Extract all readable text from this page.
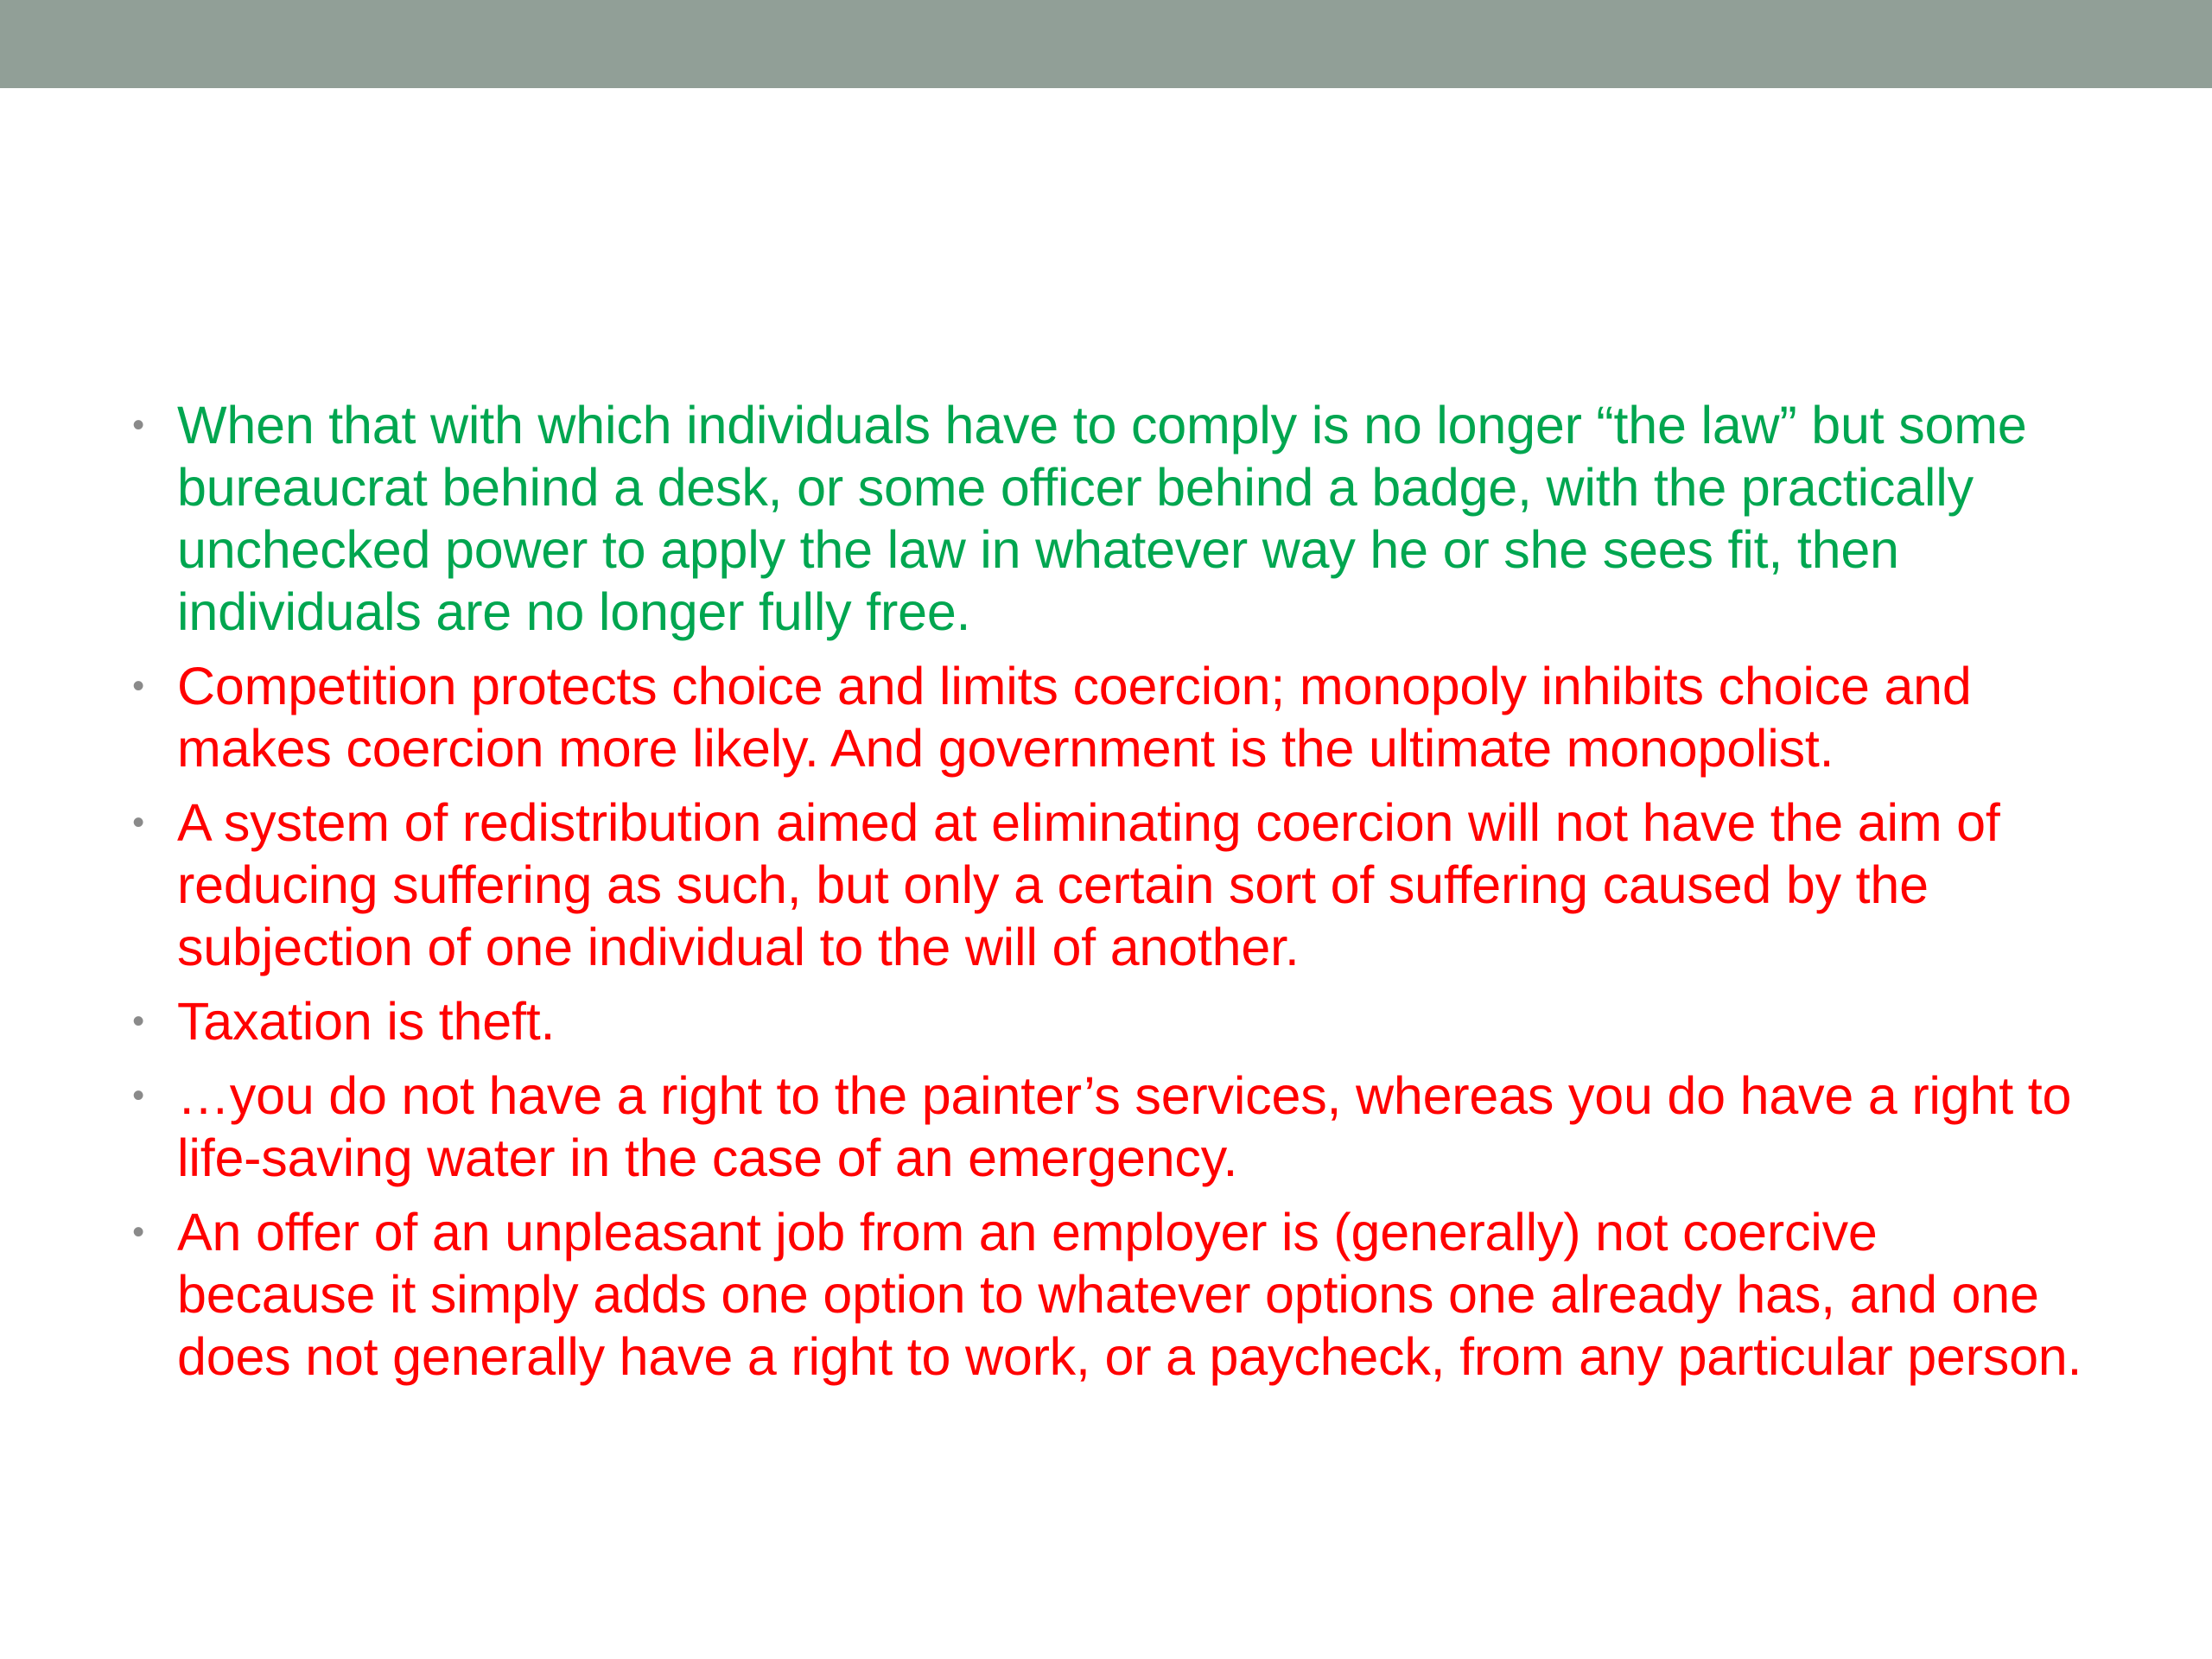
• When that with which individuals have to comply is no longer “the law” but some bureaucrat behind a desk, or some officer behind a badge, with the practically unchecked power to apply the law in whatever way he or she sees fit, then individuals are no longer fully free.
• Competition protects choice and limits coercion; monopoly inhibits choice and makes coercion more likely. And government is the ultimate monopolist.
• A system of redistribution aimed at eliminating coercion will not have the aim of reducing suffering as such, but only a certain sort of suffering caused by the subjection of one individual to the will of another.
• Taxation is theft.
• …you do not have a right to the painter’s services, whereas you do have a right to life-saving water in the case of an emergency.
• An offer of an unpleasant job from an employer is (generally) not coercive because it simply adds one option to whatever options one already has, and one does not generally have a right to work, or a paycheck, from any particular person.
